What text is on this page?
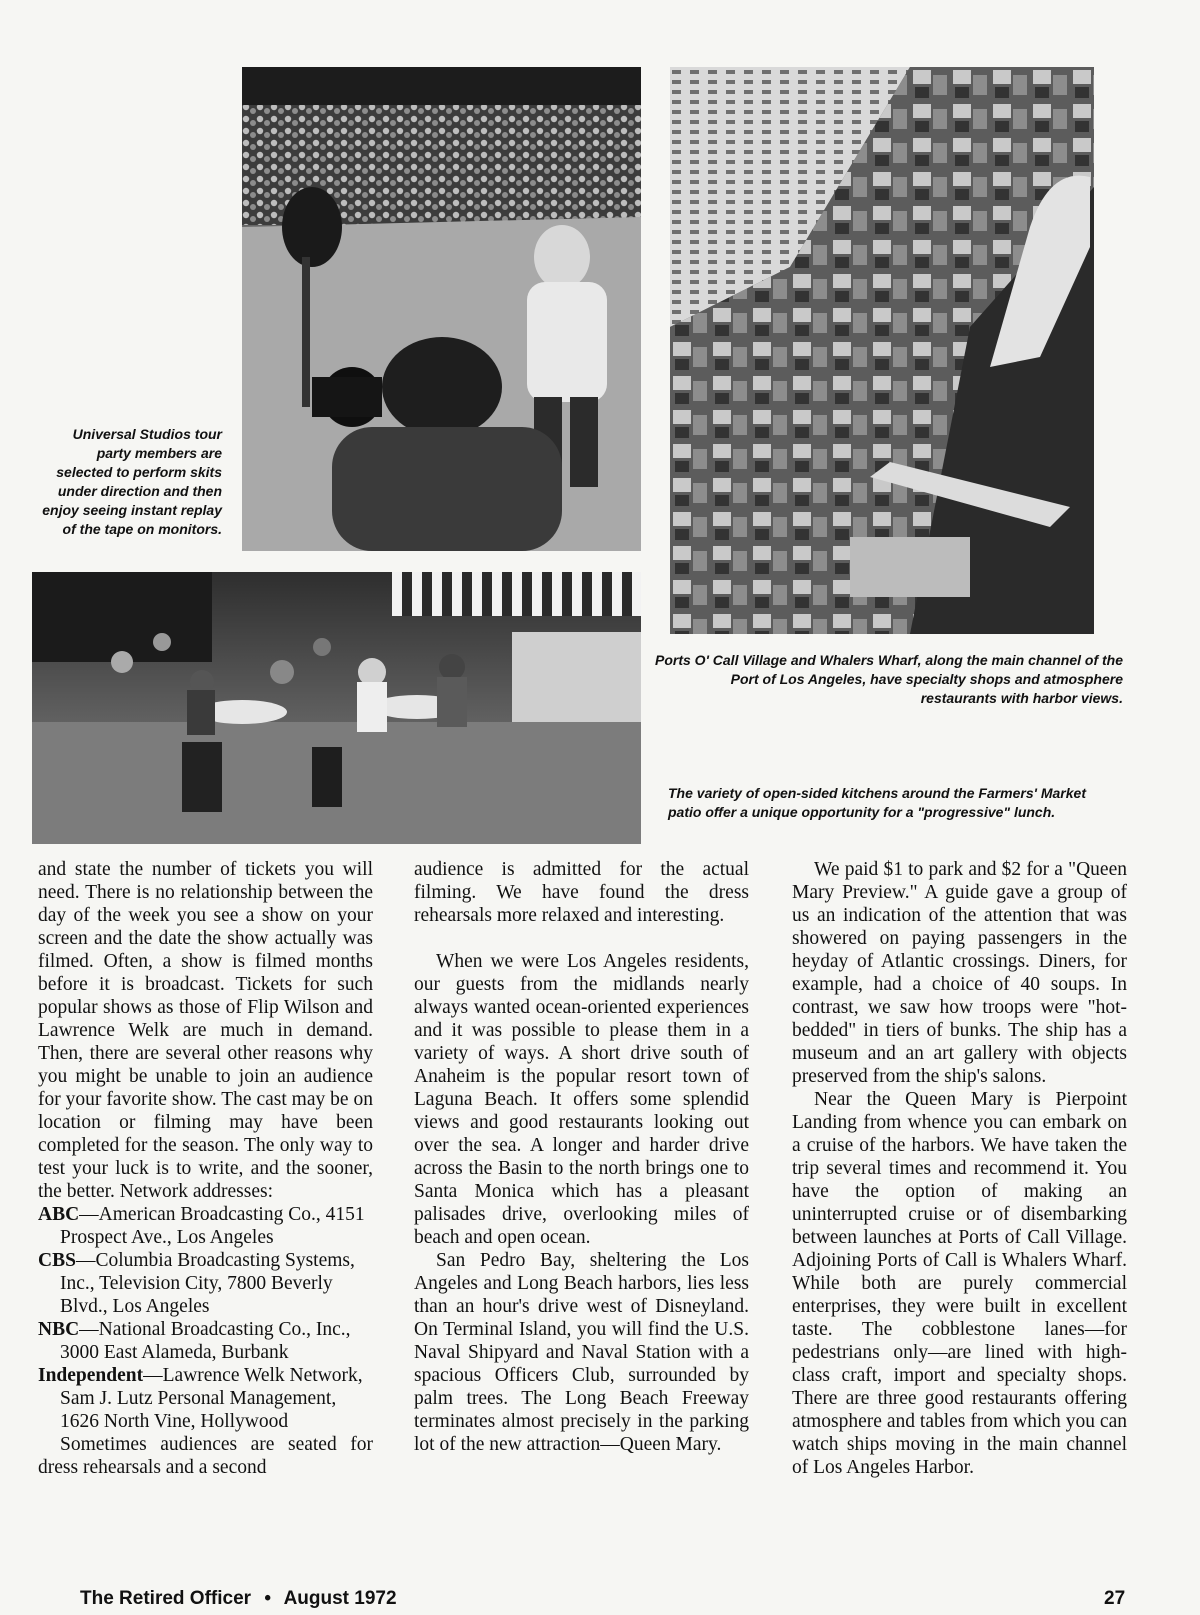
Universal Studios tour party members are selected to perform skits under direction and then enjoy seeing instant replay of the tape on monitors.
Ports O' Call Village and Whalers Wharf, along the main channel of the Port of Los Angeles, have specialty shops and atmosphere restaurants with harbor views.
The variety of open-sided kitchens around the Farmers' Market patio offer a unique opportunity for a "progressive" lunch.

and state the number of tickets you will need. There is no relationship between the day of the week you see a show on your screen and the date the show actually was filmed. Often, a show is filmed months before it is broadcast. Tickets for such popular shows as those of Flip Wilson and Lawrence Welk are much in demand. Then, there are several other reasons why you might be unable to join an audience for your favorite show. The cast may be on location or filming may have been completed for the season. The only way to test your luck is to write, and the sooner, the better. Network addresses:

ABC—American Broadcasting Co., 4151 Prospect Ave., Los Angeles

CBS—Columbia Broadcasting Systems, Inc., Television City, 7800 Beverly Blvd., Los Angeles

NBC—National Broadcasting Co., Inc., 3000 East Alameda, Burbank

Independent—Lawrence Welk Network, Sam J. Lutz Personal Management, 1626 North Vine, Hollywood

Sometimes audiences are seated for dress rehearsals and a second

audience is admitted for the actual filming. We have found the dress rehearsals more relaxed and interesting.

When we were Los Angeles residents, our guests from the midlands nearly always wanted ocean-oriented experiences and it was possible to please them in a variety of ways. A short drive south of Anaheim is the popular resort town of Laguna Beach. It offers some splendid views and good restaurants looking out over the sea. A longer and harder drive across the Basin to the north brings one to Santa Monica which has a pleasant palisades drive, overlooking miles of beach and open ocean.

San Pedro Bay, sheltering the Los Angeles and Long Beach harbors, lies less than an hour's drive west of Disneyland. On Terminal Island, you will find the U.S. Naval Shipyard and Naval Station with a spacious Officers Club, surrounded by palm trees. The Long Beach Freeway terminates almost precisely in the parking lot of the new attraction—Queen Mary.

We paid $1 to park and $2 for a "Queen Mary Preview." A guide gave a group of us an indication of the attention that was showered on paying passengers in the heyday of Atlantic crossings. Diners, for example, had a choice of 40 soups. In contrast, we saw how troops were "hot-bedded" in tiers of bunks. The ship has a museum and an art gallery with objects preserved from the ship's salons.

Near the Queen Mary is Pierpoint Landing from whence you can embark on a cruise of the harbors. We have taken the trip several times and recommend it. You have the option of making an uninterrupted cruise or of disembarking between launches at Ports of Call Village. Adjoining Ports of Call is Whalers Wharf. While both are purely commercial enterprises, they were built in excellent taste. The cobblestone lanes—for pedestrians only—are lined with high-class craft, import and specialty shops. There are three good restaurants offering atmosphere and tables from which you can watch ships moving in the main channel of Los Angeles Harbor.

The Retired Officer • August 1972	27
